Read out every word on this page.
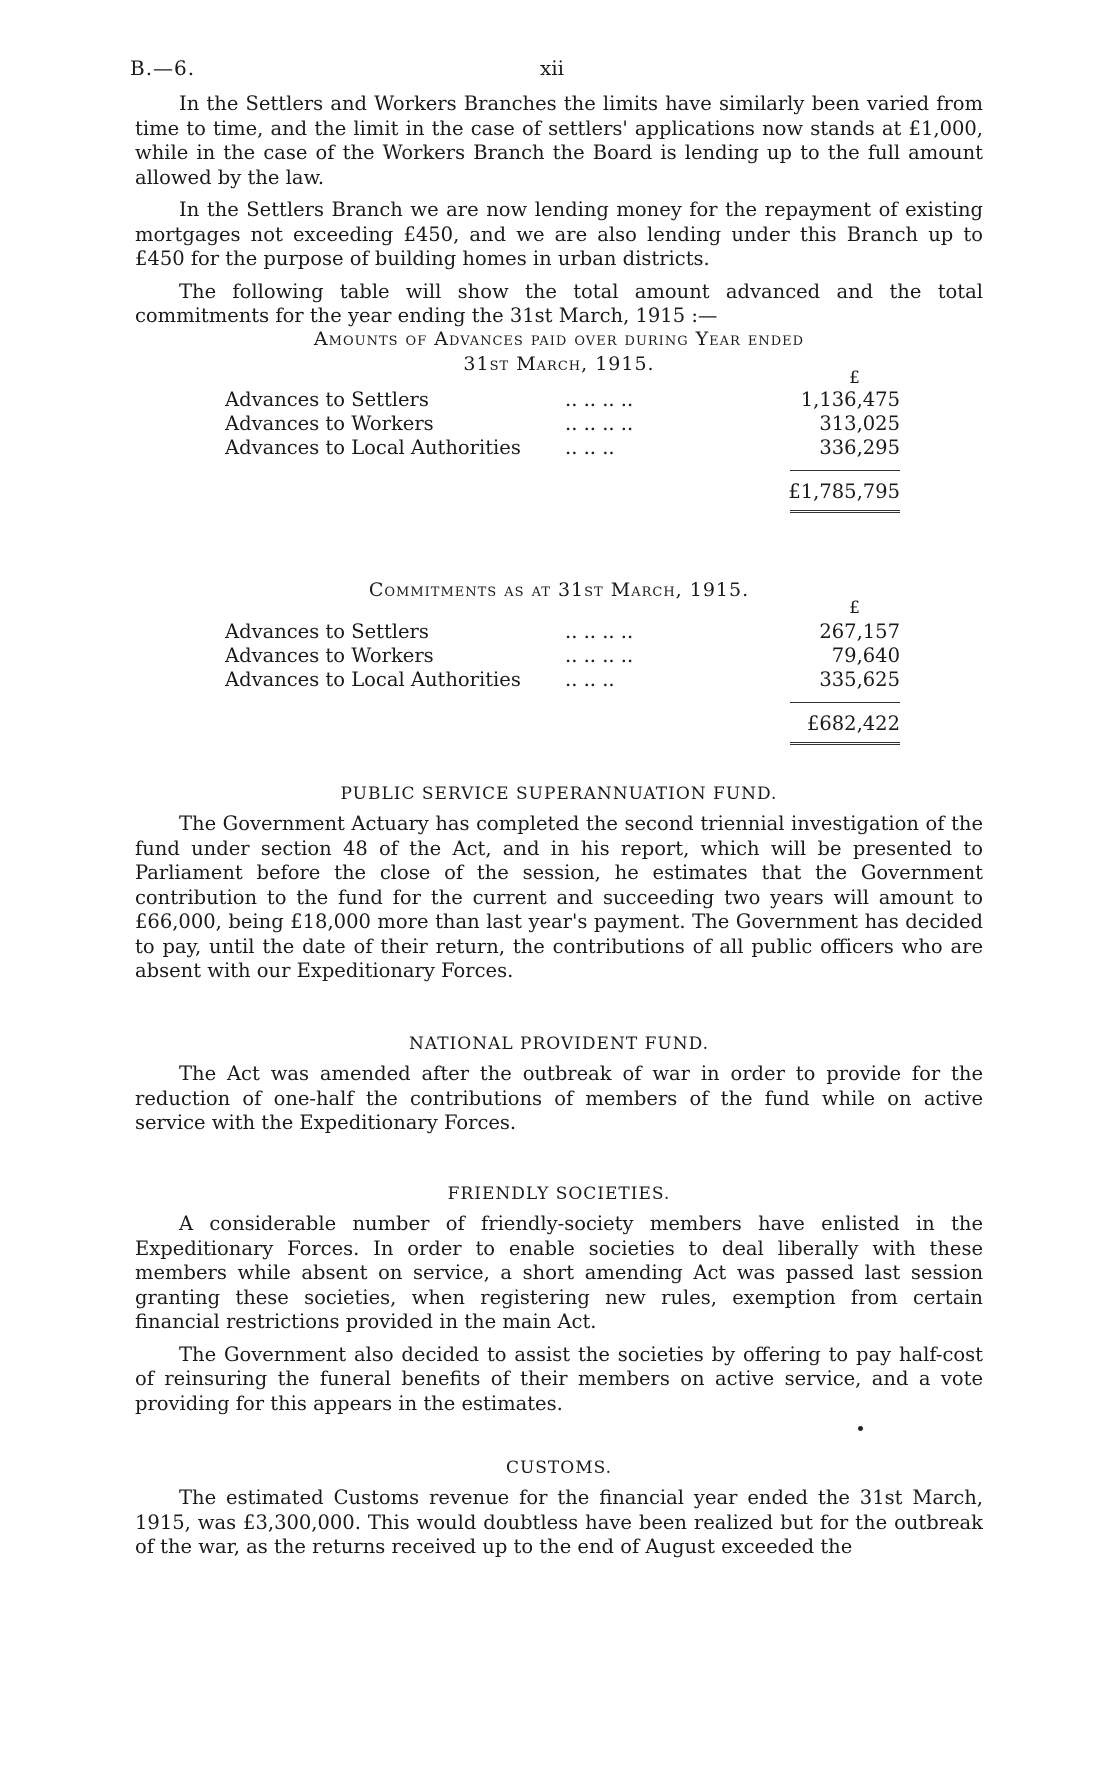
B.—6.	xii

In the Settlers and Workers Branches the limits have similarly been varied from time to time, and the limit in the case of settlers' applications now stands at £1,000, while in the case of the Workers Branch the Board is lending up to the full amount allowed by the law.

In the Settlers Branch we are now lending money for the repayment of existing mortgages not exceeding £450, and we are also lending under this Branch up to £450 for the purpose of building homes in urban districts.

The following table will show the total amount advanced and the total commitments for the year ending the 31st March, 1915 :—

Amounts of Advances paid over during Year ended
31st March, 1915.
£
Advances to Settlers	.. .. .. ..	1,136,475
Advances to Workers	.. .. .. ..	313,025
Advances to Local Authorities .. .. ..	336,295
£1,785,795
Commitments as at 31st March, 1915.
£
Advances to Settlers	.. .. .. ..	267,157
Advances to Workers	.. .. .. ..	79,640
Advances to Local Authorities .. .. ..	335,625
£682,422
PUBLIC SERVICE SUPERANNUATION FUND.

The Government Actuary has completed the second triennial investigation of the fund under section 48 of the Act, and in his report, which will be presented to Parliament before the close of the session, he estimates that the Government contribution to the fund for the current and succeeding two years will amount to £66,000, being £18,000 more than last year's payment. The Government has decided to pay, until the date of their return, the contributions of all public officers who are absent with our Expeditionary Forces.

NATIONAL PROVIDENT FUND.

The Act was amended after the outbreak of war in order to provide for the reduction of one-half the contributions of members of the fund while on active service with the Expeditionary Forces.

FRIENDLY SOCIETIES.

A considerable number of friendly-society members have enlisted in the Expeditionary Forces. In order to enable societies to deal liberally with these members while absent on service, a short amending Act was passed last session granting these societies, when registering new rules, exemption from certain financial restrictions provided in the main Act.

The Government also decided to assist the societies by offering to pay half-cost of reinsuring the funeral benefits of their members on active service, and a vote providing for this appears in the estimates.

CUSTOMS.

The estimated Customs revenue for the financial year ended the 31st March, 1915, was £3,300,000. This would doubtless have been realized but for the outbreak of the war, as the returns received up to the end of August exceeded the
